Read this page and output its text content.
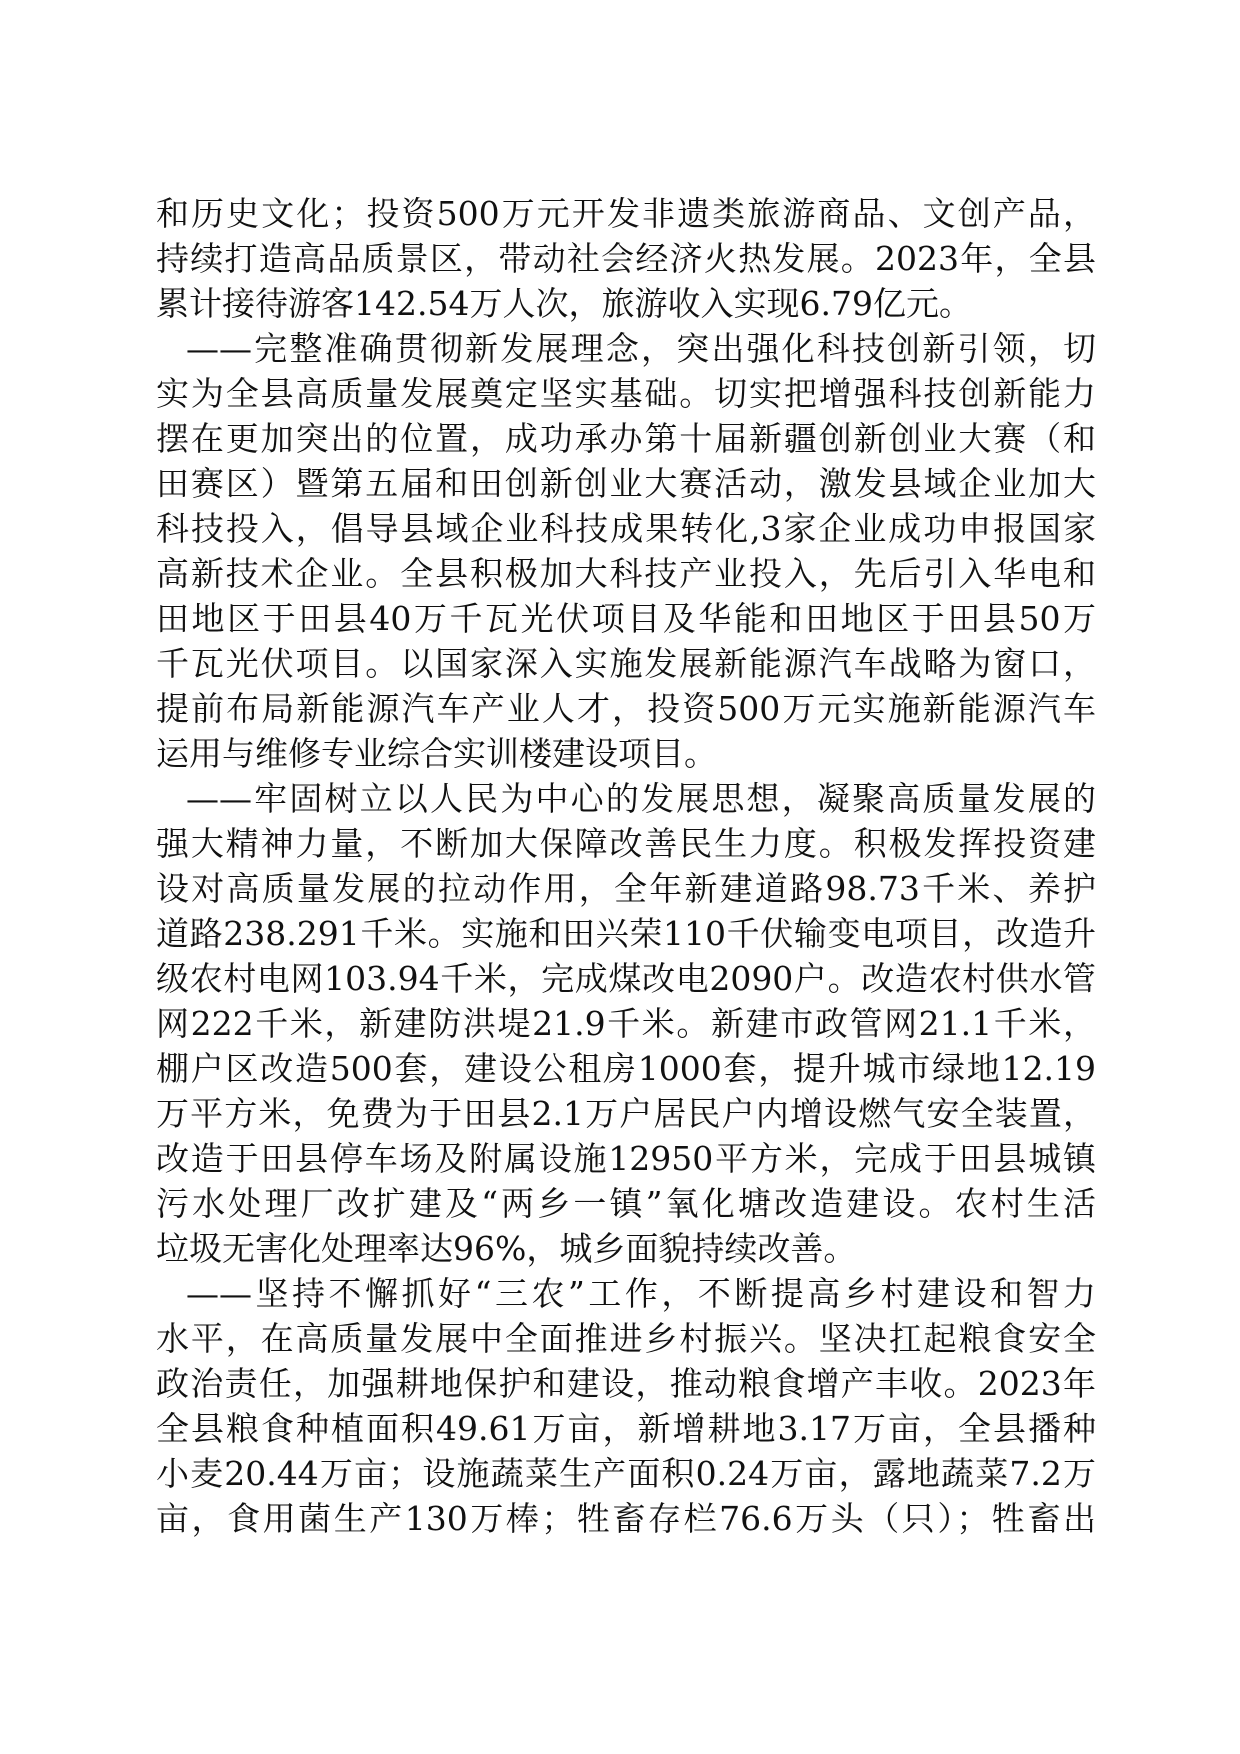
和历史文化；投资500万元开发非遗类旅游商品、文创产品，
持续打造高品质景区，带动社会经济火热发展。2023年，全县
累计接待游客142.54万人次，旅游收入实现6.79亿元。
——完整准确贯彻新发展理念，突出强化科技创新引领，切
实为全县高质量发展奠定坚实基础。切实把增强科技创新能力
摆在更加突出的位置，成功承办第十届新疆创新创业大赛（和
田赛区）暨第五届和田创新创业大赛活动，激发县域企业加大
科技投入，倡导县域企业科技成果转化,3家企业成功申报国家
高新技术企业。全县积极加大科技产业投入，先后引入华电和
田地区于田县40万千瓦光伏项目及华能和田地区于田县50万
千瓦光伏项目。以国家深入实施发展新能源汽车战略为窗口，
提前布局新能源汽车产业人才，投资500万元实施新能源汽车
运用与维修专业综合实训楼建设项目。
——牢固树立以人民为中心的发展思想，凝聚高质量发展的
强大精神力量，不断加大保障改善民生力度。积极发挥投资建
设对高质量发展的拉动作用，全年新建道路98.73千米、养护
道路238.291千米。实施和田兴荣110千伏输变电项目，改造升
级农村电网103.94千米，完成煤改电2090户。改造农村供水管
网222千米，新建防洪堤21.9千米。新建市政管网21.1千米，
棚户区改造500套，建设公租房1000套，提升城市绿地12.19
万平方米，免费为于田县2.1万户居民户内增设燃气安全装置，
改造于田县停车场及附属设施12950平方米，完成于田县城镇
污水处理厂改扩建及“两乡一镇”氧化塘改造建设。农村生活
垃圾无害化处理率达96%，城乡面貌持续改善。
——坚持不懈抓好“三农”工作，不断提高乡村建设和智力
水平，在高质量发展中全面推进乡村振兴。坚决扛起粮食安全
政治责任，加强耕地保护和建设，推动粮食增产丰收。2023年
全县粮食种植面积49.61万亩，新增耕地3.17万亩，全县播种
小麦20.44万亩；设施蔬菜生产面积0.24万亩，露地蔬菜7.2万
亩，食用菌生产130万棒；牲畜存栏76.6万头（只）；牲畜出
